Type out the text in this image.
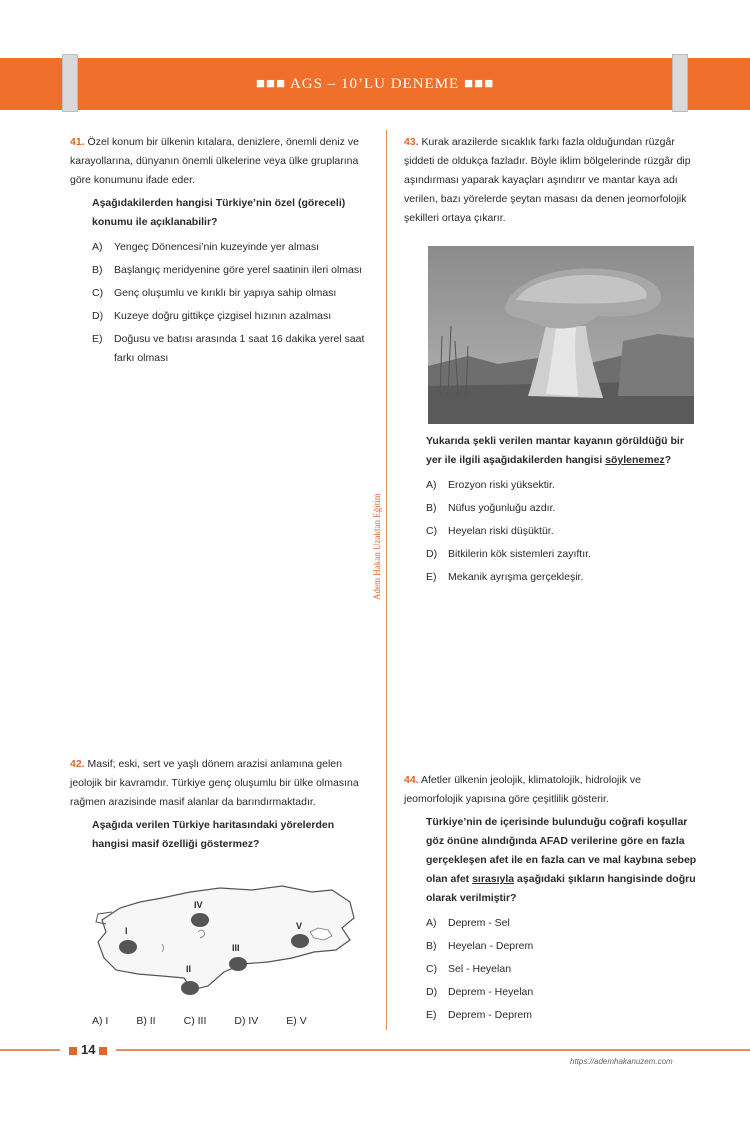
■■■ AGS – 10’LU DENEME ■■■
Adem Hakan Uzaktan Eğitim

41. Özel konum bir ülkenin kıtalara, denizlere, önemli deniz ve karayollarına, dünyanın önemli ülkelerine veya ülke gruplarına göre konumunu ifade eder.

Aşağıdakilerden hangisi Türkiye’nin özel (göreceli) konumu ile açıklanabilir?

A)	Yengeç Dönencesi’nin kuzeyinde yer alması
B)	Başlangıç meridyenine göre yerel saatinin ileri olması
C)	Genç oluşumlu ve kırıklı bir yapıya sahip olması
D)	Kuzeye doğru gittikçe çizgisel hızının azalması
E)	Doğusu ve batısı arasında 1 saat 16 dakika yerel saat farkı olması

43. Kurak arazilerde sıcaklık farkı fazla olduğundan rüzgâr şiddeti de oldukça fazladır. Böyle iklim bölgelerinde rüzgâr dip aşındırması yaparak kayaçları aşındırır ve mantar kaya adı verilen, bazı yörelerde şeytan masası da denen jeomorfolojik şekilleri ortaya çıkarır.

Yukarıda şekli verilen mantar kayanın görüldüğü bir yer ile ilgili aşağıdakilerden hangisi söylenemez?

A)	Erozyon riski yüksektir.
B)	Nüfus yoğunluğu azdır.
C)	Heyelan riski düşüktür.
D)	Bitkilerin kök sistemleri zayıftır.
E)	Mekanik ayrışma gerçekleşir.

42. Masif; eski, sert ve yaşlı dönem arazisi anlamına gelen jeolojik bir kavramdır. Türkiye genç oluşumlu bir ülke olmasına rağmen arazisinde masif alanlar da barındırmaktadır.

Aşağıda verilen Türkiye haritasındaki yörelerden hangisi masif özelliği göstermez?

I
II
III
IV
V
A) I	B) II	C) III	D) IV	E) V

44. Afetler ülkenin jeolojik, klimatolojik, hidrolojik ve jeomorfolojik yapısına göre çeşitlilik gösterir.

Türkiye’nin de içerisinde bulunduğu coğrafi koşullar göz önüne alındığında AFAD verilerine göre en fazla gerçekleşen afet ile en fazla can ve mal kaybına sebep olan afet sırasıyla aşağıdaki şıkların hangisinde doğru olarak verilmiştir?

A)	Deprem - Sel
B)	Heyelan - Deprem
C)	Sel - Heyelan
D)	Deprem - Heyelan
E)	Deprem - Deprem
14
https://ademhakanuzem.com
